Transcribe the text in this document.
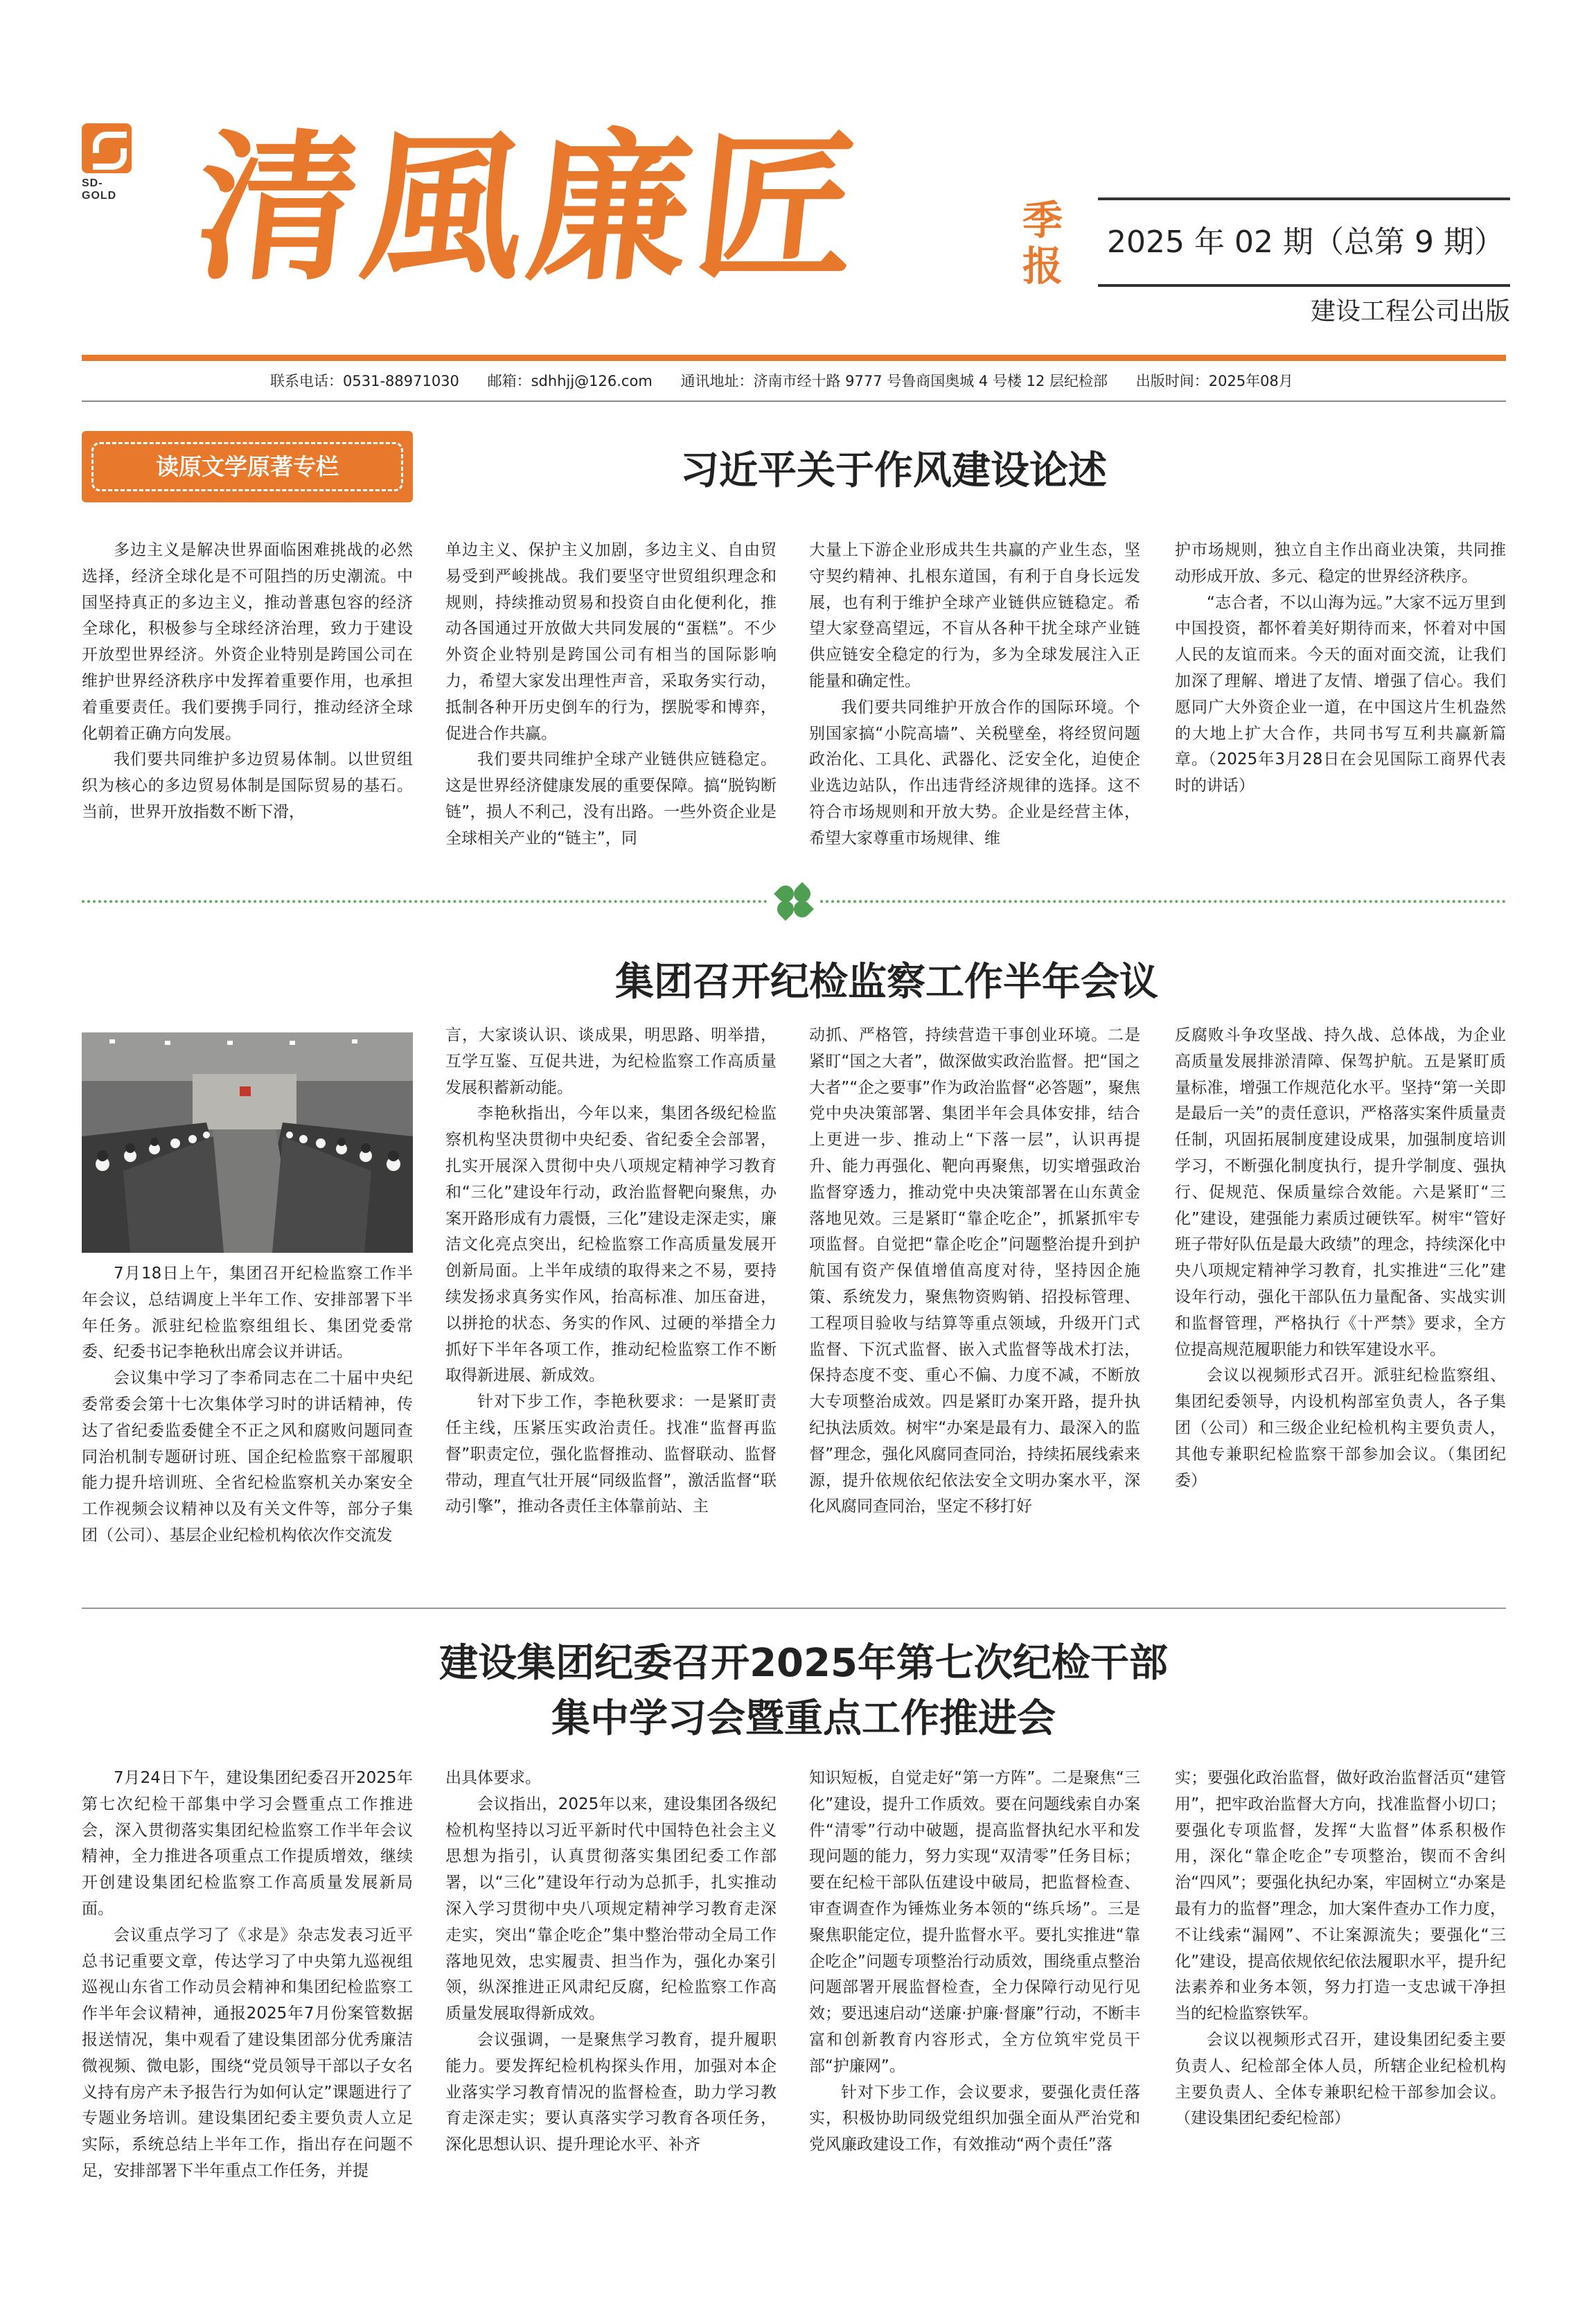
SD-GOLD 清風廉匠	季报
2025 年 02 期（总第 9 期）
建设工程公司出版
联系电话：0531-88971030 邮箱：sdhhjj@126.com 通讯地址：济南市经十路 9777 号鲁商国奥城 4 号楼 12 层纪检部 出版时间：2025年08月
读原文学原著专栏	习近平关于作风建设论述

多边主义是解决世界面临困难挑战的必然选择，经济全球化是不可阻挡的历史潮流。中国坚持真正的多边主义，推动普惠包容的经济全球化，积极参与全球经济治理，致力于建设开放型世界经济。外资企业特别是跨国公司在维护世界经济秩序中发挥着重要作用，也承担着重要责任。我们要携手同行，推动经济全球化朝着正确方向发展。

我们要共同维护多边贸易体制。以世贸组织为核心的多边贸易体制是国际贸易的基石。当前，世界开放指数不断下滑，

单边主义、保护主义加剧，多边主义、自由贸易受到严峻挑战。我们要坚守世贸组织理念和规则，持续推动贸易和投资自由化便利化，推动各国通过开放做大共同发展的“蛋糕”。不少外资企业特别是跨国公司有相当的国际影响力，希望大家发出理性声音，采取务实行动，抵制各种开历史倒车的行为，摆脱零和博弈，促进合作共赢。

我们要共同维护全球产业链供应链稳定。这是世界经济健康发展的重要保障。搞“脱钩断链”，损人不利己，没有出路。一些外资企业是全球相关产业的“链主”，同

大量上下游企业形成共生共赢的产业生态，坚守契约精神、扎根东道国，有利于自身长远发展，也有利于维护全球产业链供应链稳定。希望大家登高望远，不盲从各种干扰全球产业链供应链安全稳定的行为，多为全球发展注入正能量和确定性。

我们要共同维护开放合作的国际环境。个别国家搞“小院高墙”、关税壁垒，将经贸问题政治化、工具化、武器化、泛安全化，迫使企业选边站队，作出违背经济规律的选择。这不符合市场规则和开放大势。企业是经营主体，希望大家尊重市场规律、维

护市场规则，独立自主作出商业决策，共同推动形成开放、多元、稳定的世界经济秩序。

“志合者，不以山海为远。”大家不远万里到中国投资，都怀着美好期待而来，怀着对中国人民的友谊而来。今天的面对面交流，让我们加深了理解、增进了友情、增强了信心。我们愿同广大外资企业一道，在中国这片生机盎然的大地上扩大合作，共同书写互利共赢新篇章。（2025年3月28日在会见国际工商界代表时的讲话）

集团召开纪检监察工作半年会议

7月18日上午，集团召开纪检监察工作半年会议，总结调度上半年工作、安排部署下半年任务。派驻纪检监察组组长、集团党委常委、纪委书记李艳秋出席会议并讲话。

会议集中学习了李希同志在二十届中央纪委常委会第十七次集体学习时的讲话精神，传达了省纪委监委健全不正之风和腐败问题同查同治机制专题研讨班、国企纪检监察干部履职能力提升培训班、全省纪检监察机关办案安全工作视频会议精神以及有关文件等，部分子集团（公司）、基层企业纪检机构依次作交流发

言，大家谈认识、谈成果，明思路、明举措，互学互鉴、互促共进，为纪检监察工作高质量发展积蓄新动能。

李艳秋指出，今年以来，集团各级纪检监察机构坚决贯彻中央纪委、省纪委全会部署，扎实开展深入贯彻中央八项规定精神学习教育和“三化”建设年行动，政治监督靶向聚焦，办案开路形成有力震慑，三化”建设走深走实，廉洁文化亮点突出，纪检监察工作高质量发展开创新局面。上半年成绩的取得来之不易，要持续发扬求真务实作风，抬高标准、加压奋进，以拼抢的状态、务实的作风、过硬的举措全力抓好下半年各项工作，推动纪检监察工作不断取得新进展、新成效。

针对下步工作，李艳秋要求：一是紧盯责任主线，压紧压实政治责任。找准“监督再监督”职责定位，强化监督推动、监督联动、监督带动，理直气壮开展“同级监督”，激活监督“联动引擎”，推动各责任主体靠前站、主

动抓、严格管，持续营造干事创业环境。二是紧盯“国之大者”，做深做实政治监督。把“国之大者”“企之要事”作为政治监督“必答题”，聚焦党中央决策部署、集团半年会具体安排，结合上更进一步、推动上“下落一层”，认识再提升、能力再强化、靶向再聚焦，切实增强政治监督穿透力，推动党中央决策部署在山东黄金落地见效。三是紧盯“靠企吃企”，抓紧抓牢专项监督。自觉把“靠企吃企”问题整治提升到护航国有资产保值增值高度对待，坚持因企施策、系统发力，聚焦物资购销、招投标管理、工程项目验收与结算等重点领域，升级开门式监督、下沉式监督、嵌入式监督等战术打法，保持态度不变、重心不偏、力度不减，不断放大专项整治成效。四是紧盯办案开路，提升执纪执法质效。树牢“办案是最有力、最深入的监督”理念，强化风腐同查同治，持续拓展线索来源，提升依规依纪依法安全文明办案水平，深化风腐同查同治，坚定不移打好

反腐败斗争攻坚战、持久战、总体战，为企业高质量发展排淤清障、保驾护航。五是紧盯质量标准，增强工作规范化水平。坚持“第一关即是最后一关”的责任意识，严格落实案件质量责任制，巩固拓展制度建设成果，加强制度培训学习，不断强化制度执行，提升学制度、强执行、促规范、保质量综合效能。六是紧盯“三化”建设，建强能力素质过硬铁军。树牢“管好班子带好队伍是最大政绩”的理念，持续深化中央八项规定精神学习教育，扎实推进“三化”建设年行动，强化干部队伍力量配备、实战实训和监督管理，严格执行《十严禁》要求，全方位提高规范履职能力和铁军建设水平。

会议以视频形式召开。派驻纪检监察组、集团纪委领导，内设机构部室负责人，各子集团（公司）和三级企业纪检机构主要负责人，其他专兼职纪检监察干部参加会议。（集团纪委）

建设集团纪委召开2025年第七次纪检干部
集中学习会暨重点工作推进会

7月24日下午，建设集团纪委召开2025年第七次纪检干部集中学习会暨重点工作推进会，深入贯彻落实集团纪检监察工作半年会议精神，全力推进各项重点工作提质增效，继续开创建设集团纪检监察工作高质量发展新局面。

会议重点学习了《求是》杂志发表习近平总书记重要文章，传达学习了中央第九巡视组巡视山东省工作动员会精神和集团纪检监察工作半年会议精神，通报2025年7月份案管数据报送情况，集中观看了建设集团部分优秀廉洁微视频、微电影，围绕“党员领导干部以子女名义持有房产未予报告行为如何认定”课题进行了专题业务培训。建设集团纪委主要负责人立足实际，系统总结上半年工作，指出存在问题不足，安排部署下半年重点工作任务，并提

出具体要求。

会议指出，2025年以来，建设集团各级纪检机构坚持以习近平新时代中国特色社会主义思想为指引，认真贯彻落实集团纪委工作部署，以“三化”建设年行动为总抓手，扎实推动深入学习贯彻中央八项规定精神学习教育走深走实，突出“靠企吃企”集中整治带动全局工作落地见效，忠实履责、担当作为，强化办案引领，纵深推进正风肃纪反腐，纪检监察工作高质量发展取得新成效。

会议强调，一是聚焦学习教育，提升履职能力。要发挥纪检机构探头作用，加强对本企业落实学习教育情况的监督检查，助力学习教育走深走实；要认真落实学习教育各项任务，深化思想认识、提升理论水平、补齐

知识短板，自觉走好“第一方阵”。二是聚焦“三化”建设，提升工作质效。要在问题线索自办案件“清零”行动中破题，提高监督执纪水平和发现问题的能力，努力实现“双清零”任务目标；要在纪检干部队伍建设中破局，把监督检查、审查调查作为锤炼业务本领的“练兵场”。三是聚焦职能定位，提升监督水平。要扎实推进“靠企吃企”问题专项整治行动质效，围绕重点整治问题部署开展监督检查，全力保障行动见行见效；要迅速启动“送廉·护廉·督廉”行动，不断丰富和创新教育内容形式，全方位筑牢党员干部“护廉网”。

针对下步工作，会议要求，要强化责任落实，积极协助同级党组织加强全面从严治党和党风廉政建设工作，有效推动“两个责任”落

实；要强化政治监督，做好政治监督活页“建管用”，把牢政治监督大方向，找准监督小切口；要强化专项监督，发挥“大监督”体系积极作用，深化“靠企吃企”专项整治，锲而不舍纠治“四风”；要强化执纪办案，牢固树立“办案是最有力的监督”理念，加大案件查办工作力度，不让线索“漏网”、不让案源流失；要强化“三化”建设，提高依规依纪依法履职水平，提升纪法素养和业务本领，努力打造一支忠诚干净担当的纪检监察铁军。

会议以视频形式召开，建设集团纪委主要负责人、纪检部全体人员，所辖企业纪检机构主要负责人、全体专兼职纪检干部参加会议。（建设集团纪委纪检部）
